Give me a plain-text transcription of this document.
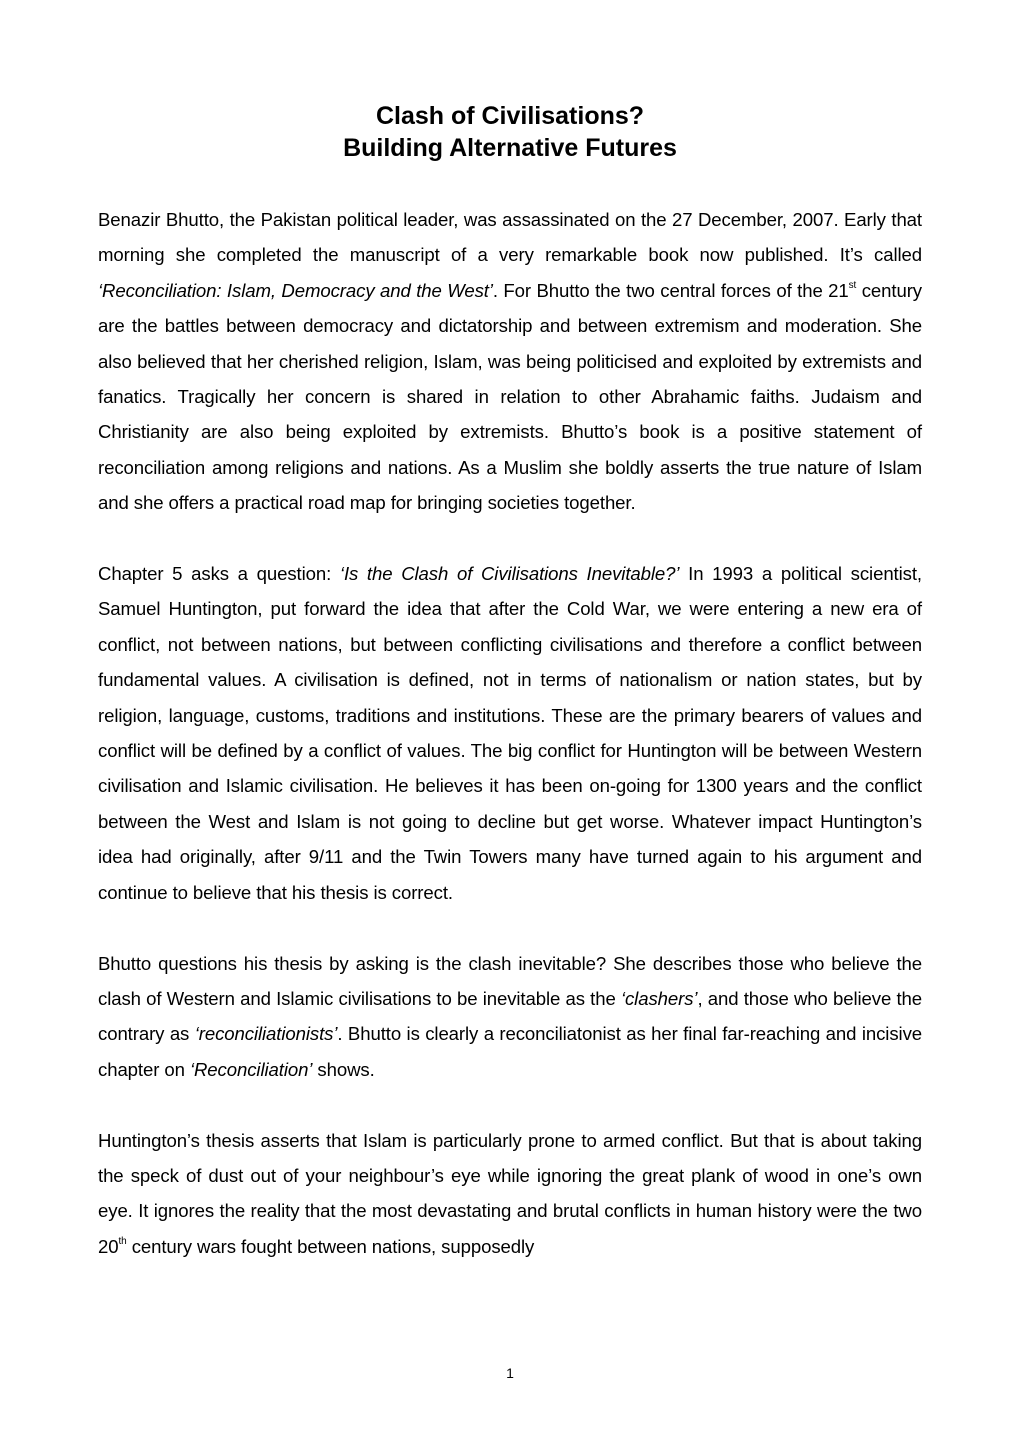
Clash of Civilisations?
Building Alternative Futures

Benazir Bhutto, the Pakistan political leader, was assassinated on the 27 December, 2007. Early that morning she completed the manuscript of a very remarkable book now published. It’s called ‘Reconciliation: Islam, Democracy and the West’. For Bhutto the two central forces of the 21st century are the battles between democracy and dictatorship and between extremism and moderation. She also believed that her cherished religion, Islam, was being politicised and exploited by extremists and fanatics. Tragically her concern is shared in relation to other Abrahamic faiths. Judaism and Christianity are also being exploited by extremists. Bhutto’s book is a positive statement of reconciliation among religions and nations. As a Muslim she boldly asserts the true nature of Islam and she offers a practical road map for bringing societies together.

Chapter 5 asks a question: ‘Is the Clash of Civilisations Inevitable?’ In 1993 a political scientist, Samuel Huntington, put forward the idea that after the Cold War, we were entering a new era of conflict, not between nations, but between conflicting civilisations and therefore a conflict between fundamental values. A civilisation is defined, not in terms of nationalism or nation states, but by religion, language, customs, traditions and institutions. These are the primary bearers of values and conflict will be defined by a conflict of values. The big conflict for Huntington will be between Western civilisation and Islamic civilisation. He believes it has been on-going for 1300 years and the conflict between the West and Islam is not going to decline but get worse. Whatever impact Huntington’s idea had originally, after 9/11 and the Twin Towers many have turned again to his argument and continue to believe that his thesis is correct.

Bhutto questions his thesis by asking is the clash inevitable? She describes those who believe the clash of Western and Islamic civilisations to be inevitable as the ‘clashers’, and those who believe the contrary as ‘reconciliationists’. Bhutto is clearly a reconciliatonist as her final far-reaching and incisive chapter on ‘Reconciliation’ shows.

Huntington’s thesis asserts that Islam is particularly prone to armed conflict. But that is about taking the speck of dust out of your neighbour’s eye while ignoring the great plank of wood in one’s own eye. It ignores the reality that the most devastating and brutal conflicts in human history were the two 20th century wars fought between nations, supposedly

1
